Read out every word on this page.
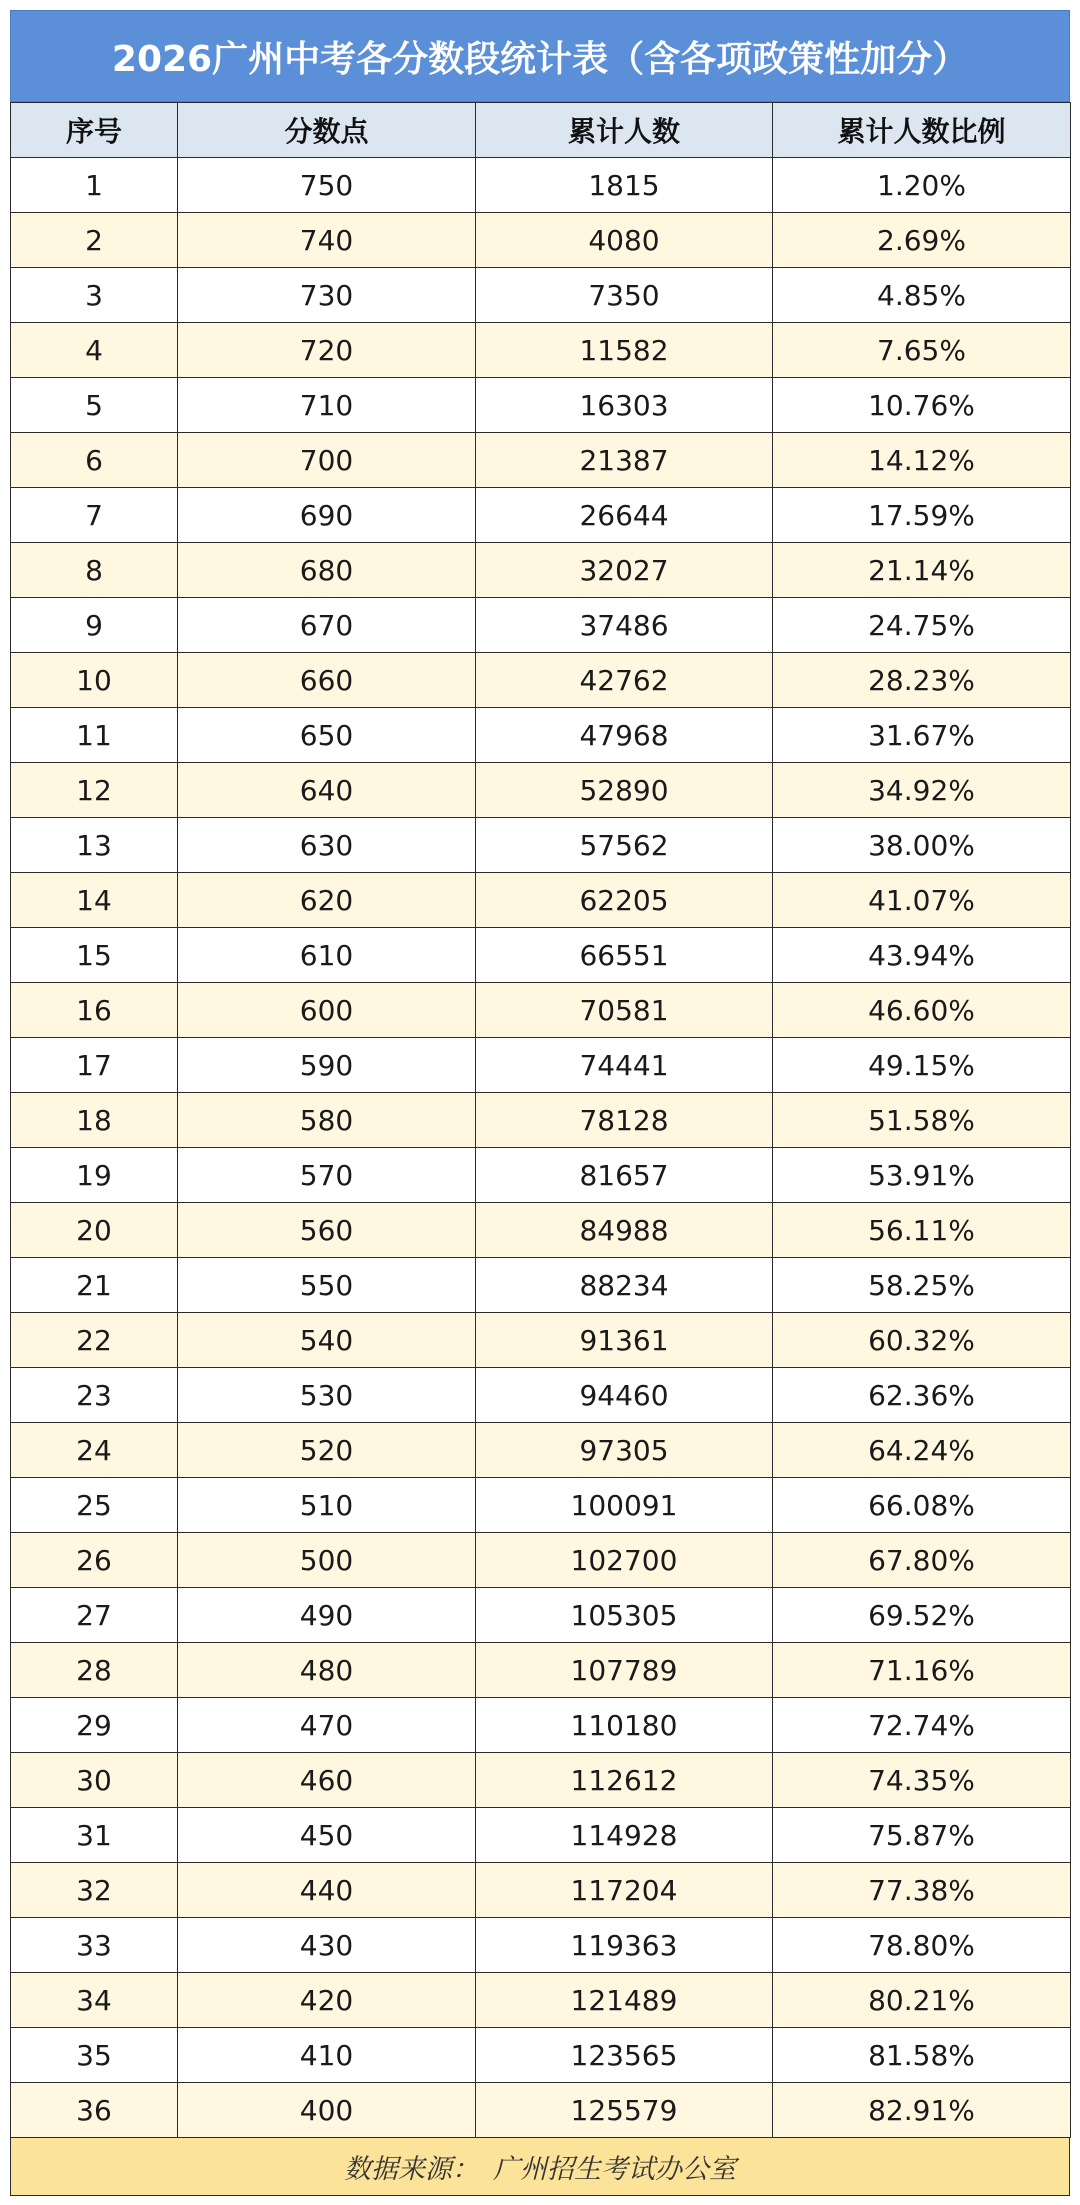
2026广州中考各分数段统计表（含各项政策性加分）
序号	分数点	累计人数	累计人数比例
1	750	1815	1.20%
2	740	4080	2.69%
3	730	7350	4.85%
4	720	11582	7.65%
5	710	16303	10.76%
6	700	21387	14.12%
7	690	26644	17.59%
8	680	32027	21.14%
9	670	37486	24.75%
10	660	42762	28.23%
11	650	47968	31.67%
12	640	52890	34.92%
13	630	57562	38.00%
14	620	62205	41.07%
15	610	66551	43.94%
16	600	70581	46.60%
17	590	74441	49.15%
18	580	78128	51.58%
19	570	81657	53.91%
20	560	84988	56.11%
21	550	88234	58.25%
22	540	91361	60.32%
23	530	94460	62.36%
24	520	97305	64.24%
25	510	100091	66.08%
26	500	102700	67.80%
27	490	105305	69.52%
28	480	107789	71.16%
29	470	110180	72.74%
30	460	112612	74.35%
31	450	114928	75.87%
32	440	117204	77.38%
33	430	119363	78.80%
34	420	121489	80.21%
35	410	123565	81.58%
36	400	125579	82.91%
数据来源： 广州招生考试办公室
